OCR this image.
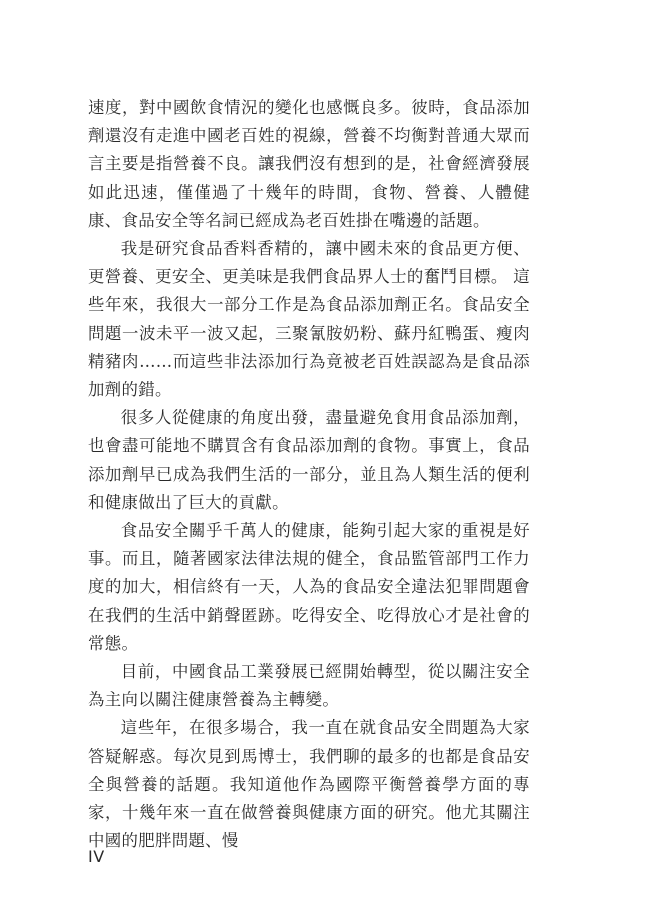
速度，對中國飲食情況的變化也感慨良多。彼時，食品添加劑還沒有走進中國老百姓的視線，營養不均衡對普通大眾而言主要是指營養不良。讓我們沒有想到的是，社會經濟發展如此迅速，僅僅過了十幾年的時間，食物、營養、人體健康、食品安全等名詞已經成為老百姓掛在嘴邊的話題。

我是研究食品香料香精的，讓中國未來的食品更方便、更營養、更安全、更美味是我們食品界人士的奮鬥目標。 這些年來，我很大一部分工作是為食品添加劑正名。食品安全問題一波未平一波又起，三聚氰胺奶粉、蘇丹紅鴨蛋、瘦肉精豬肉……而這些非法添加行為竟被老百姓誤認為是食品添加劑的錯。

很多人從健康的角度出發，盡量避免食用食品添加劑，也會盡可能地不購買含有食品添加劑的食物。事實上，食品添加劑早已成為我們生活的一部分，並且為人類生活的便利和健康做出了巨大的貢獻。

食品安全關乎千萬人的健康，能夠引起大家的重視是好事。而且，隨著國家法律法規的健全，食品監管部門工作力度的加大，相信終有一天，人為的食品安全違法犯罪問題會在我們的生活中銷聲匿跡。吃得安全、吃得放心才是社會的常態。

目前，中國食品工業發展已經開始轉型，從以關注安全為主向以關注健康營養為主轉變。

這些年，在很多場合，我一直在就食品安全問題為大家答疑解惑。每次見到馬博士，我們聊的最多的也都是食品安全與營養的話題。我知道他作為國際平衡營養學方面的專家，十幾年來一直在做營養與健康方面的研究。他尤其關注中國的肥胖問題、慢

IV
